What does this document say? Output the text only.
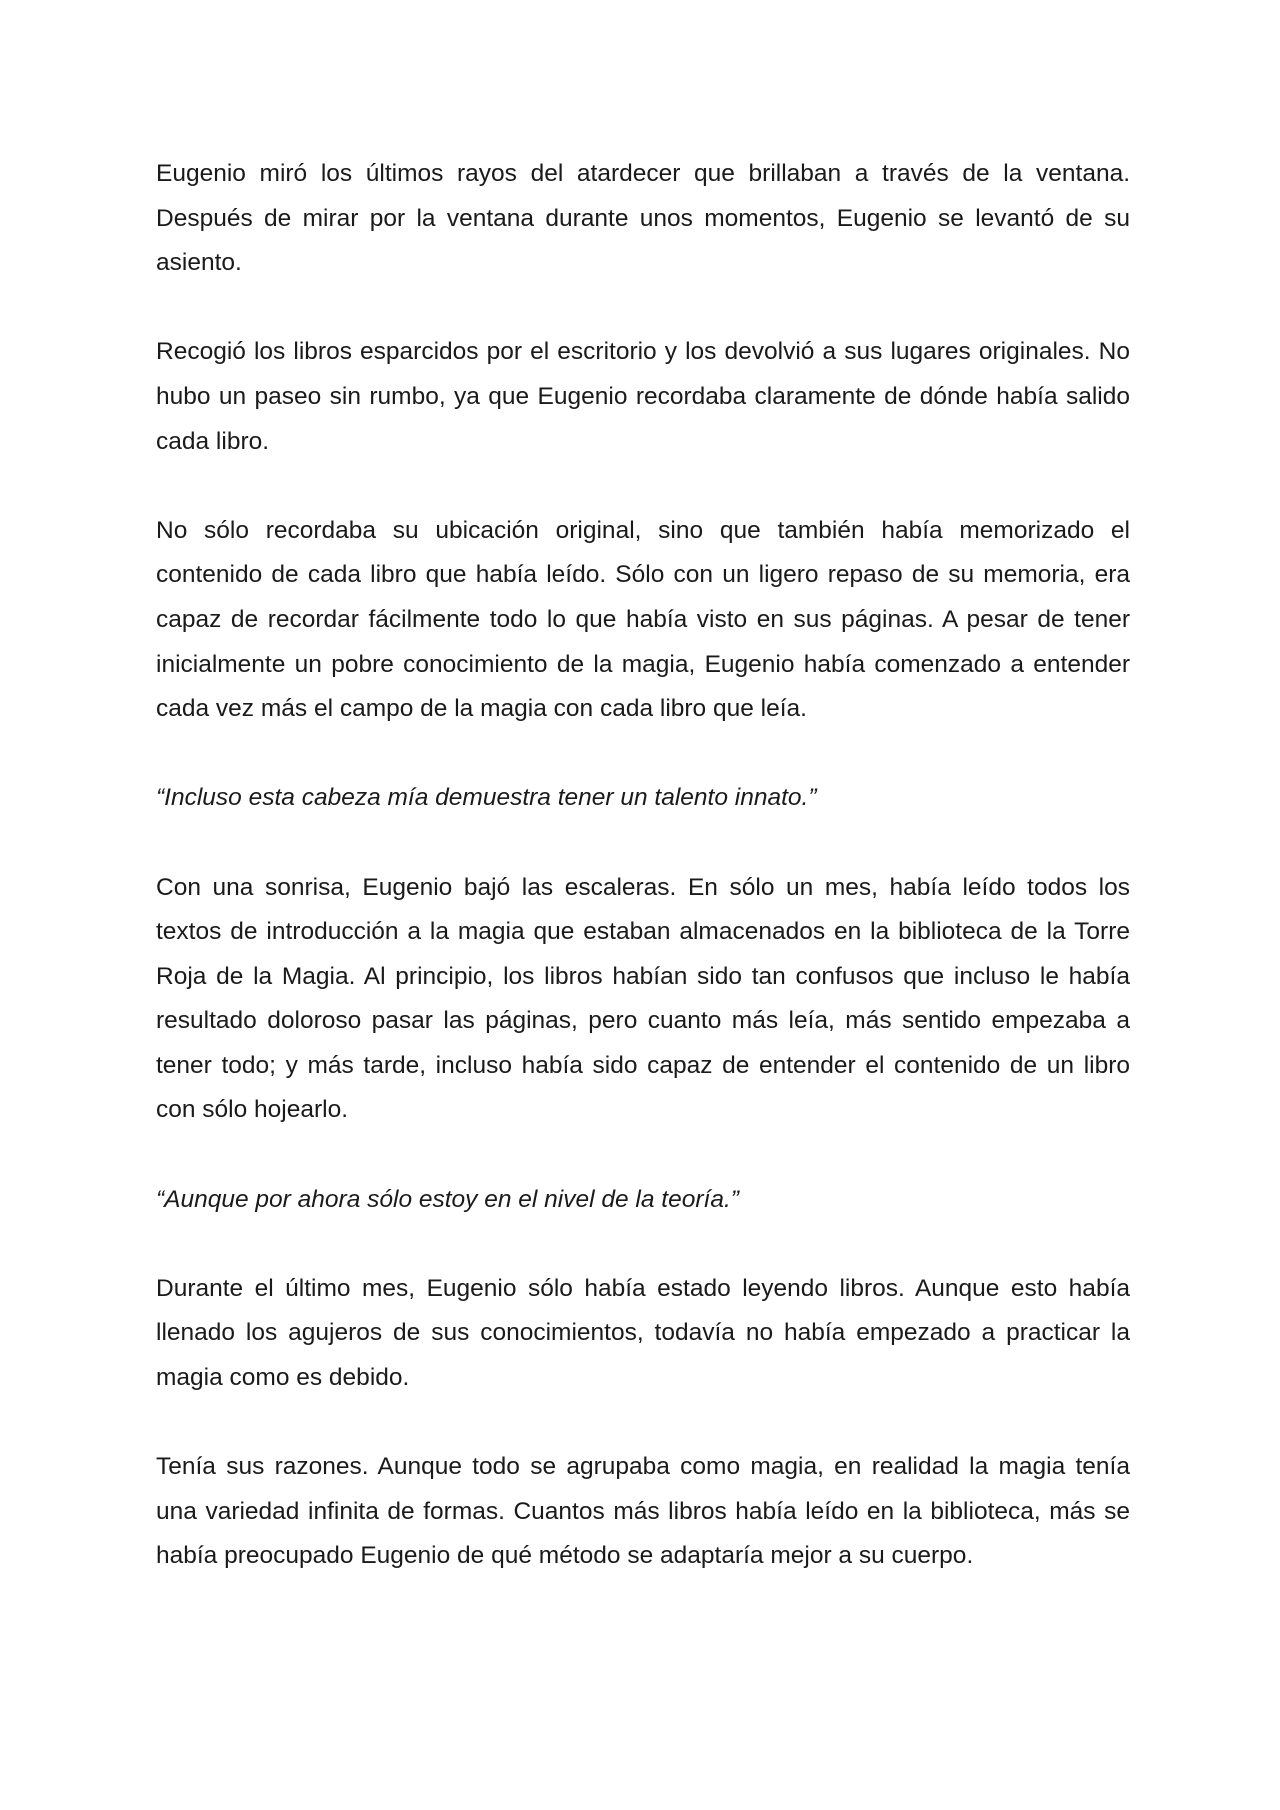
Eugenio miró los últimos rayos del atardecer que brillaban a través de la ventana. Después de mirar por la ventana durante unos momentos, Eugenio se levantó de su asiento.

Recogió los libros esparcidos por el escritorio y los devolvió a sus lugares originales. No hubo un paseo sin rumbo, ya que Eugenio recordaba claramente de dónde había salido cada libro.

No sólo recordaba su ubicación original, sino que también había memorizado el contenido de cada libro que había leído. Sólo con un ligero repaso de su memoria, era capaz de recordar fácilmente todo lo que había visto en sus páginas. A pesar de tener inicialmente un pobre conocimiento de la magia, Eugenio había comenzado a entender cada vez más el campo de la magia con cada libro que leía.

“Incluso esta cabeza mía demuestra tener un talento innato.”

Con una sonrisa, Eugenio bajó las escaleras. En sólo un mes, había leído todos los textos de introducción a la magia que estaban almacenados en la biblioteca de la Torre Roja de la Magia. Al principio, los libros habían sido tan confusos que incluso le había resultado doloroso pasar las páginas, pero cuanto más leía, más sentido empezaba a tener todo; y más tarde, incluso había sido capaz de entender el contenido de un libro con sólo hojearlo.

“Aunque por ahora sólo estoy en el nivel de la teoría.”

Durante el último mes, Eugenio sólo había estado leyendo libros. Aunque esto había llenado los agujeros de sus conocimientos, todavía no había empezado a practicar la magia como es debido.

Tenía sus razones. Aunque todo se agrupaba como magia, en realidad la magia tenía una variedad infinita de formas. Cuantos más libros había leído en la biblioteca, más se había preocupado Eugenio de qué método se adaptaría mejor a su cuerpo.
